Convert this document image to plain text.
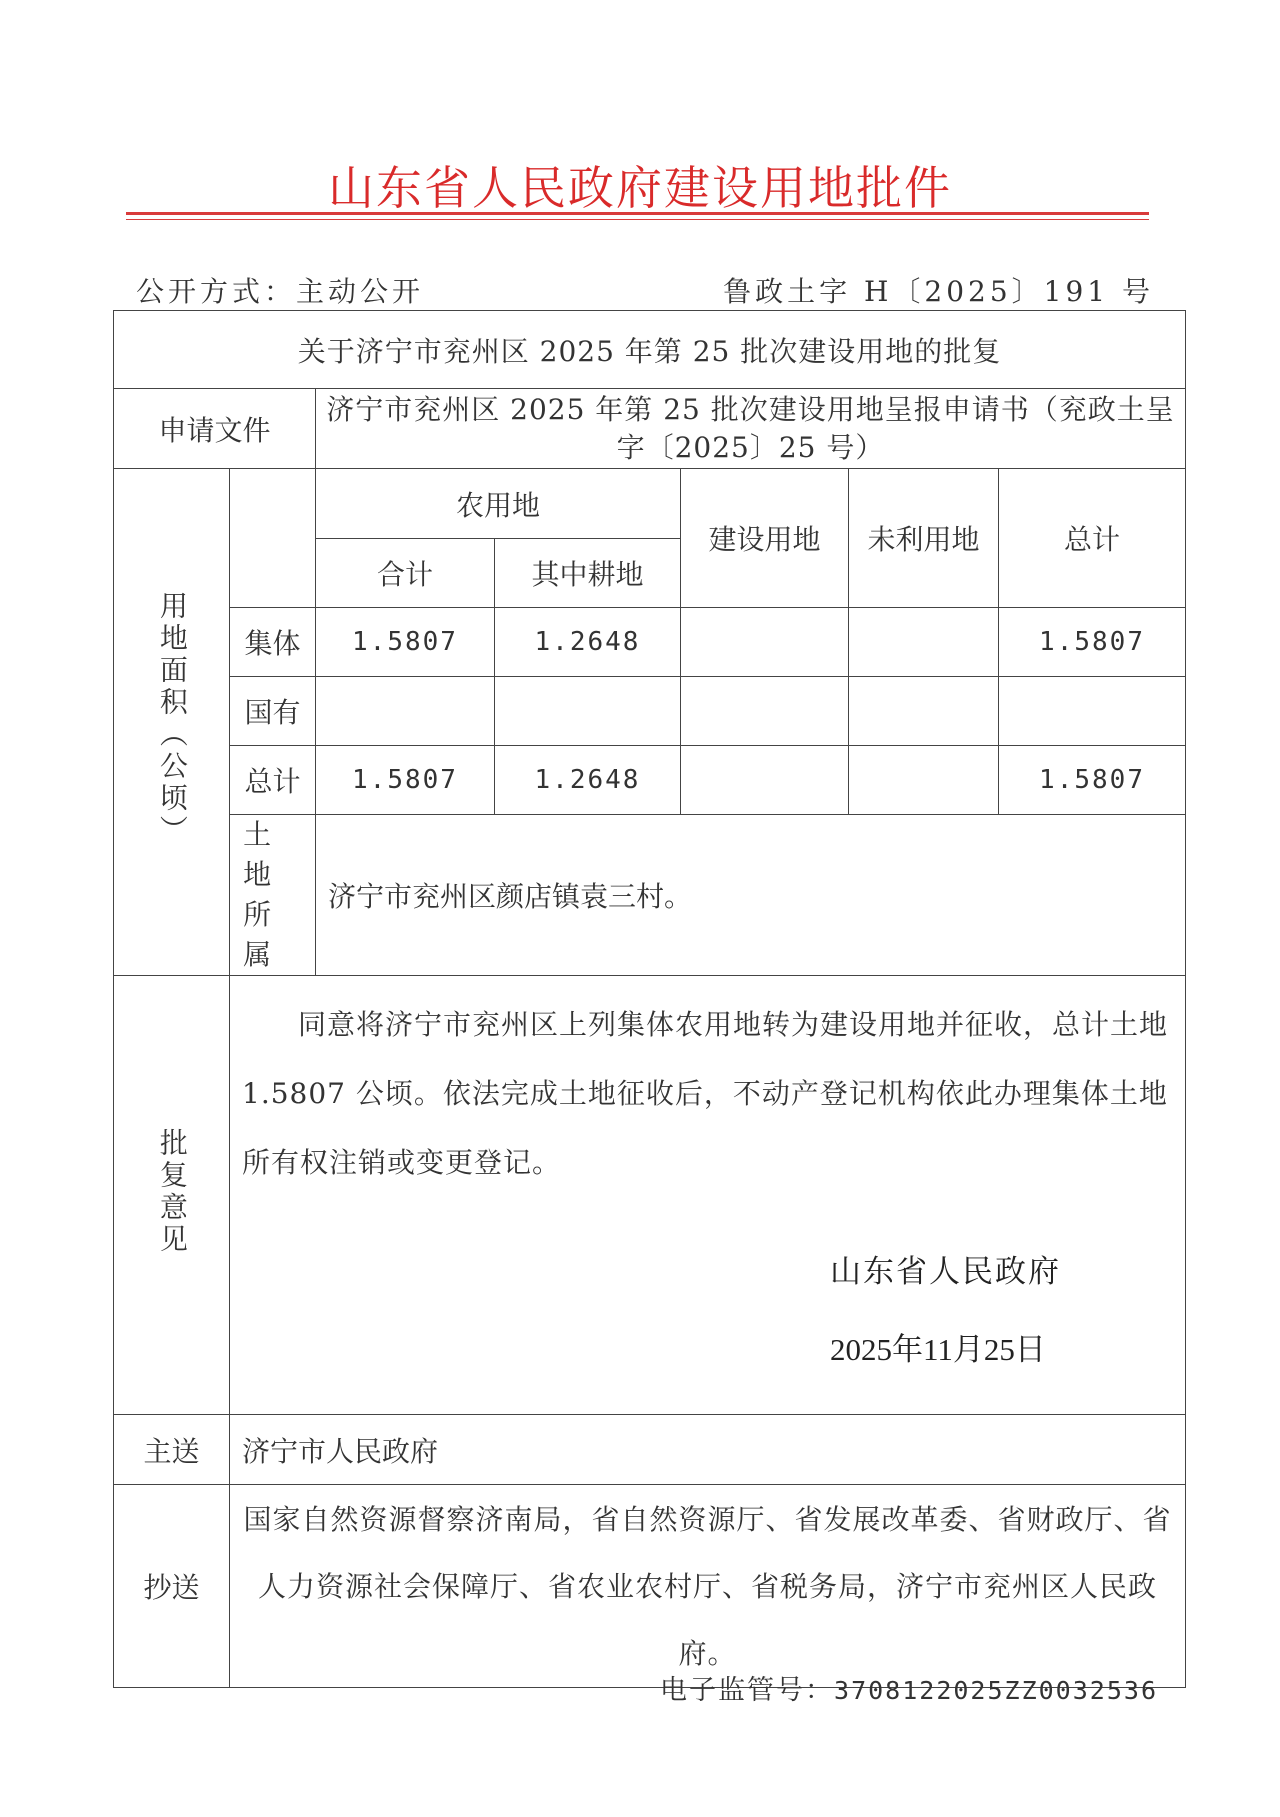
山东省人民政府建设用地批件
公开方式：主动公开	鲁政土字 H〔2025〕191 号
关于济宁市兖州区 2025 年第 25 批次建设用地的批复						
申请文件		济宁市兖州区 2025 年第 25 批次建设用地呈报申请书（兖政土呈
字〔2025〕25 号）				

用地面积（公顷）		农用地		建设用地	未利用地	总计
		合计	其中耕地			
	集体	1.5807	1.2648			1.5807
	国有					
	总计	1.5807	1.2648			1.5807

	土地所属	济宁市兖州区颜店镇袁三村。				
批复意见	同意将济宁市兖州区上列集体农用地转为建设用地并征收，总计土地 1.5807 公顷。依法完成土地征收后，不动产登记机构依此办理集体土地所有权注销或变更登记。
山东省人民政府
2025年11月25日					

主送	济宁市人民政府					
抄送	国家自然资源督察济南局，省自然资源厅、省发展改革委、省财政厅、省人力资源社会保障厅、省农业农村厅、省税务局，济宁市兖州区人民政府。					
电子监管号：3708122025ZZ0032536
